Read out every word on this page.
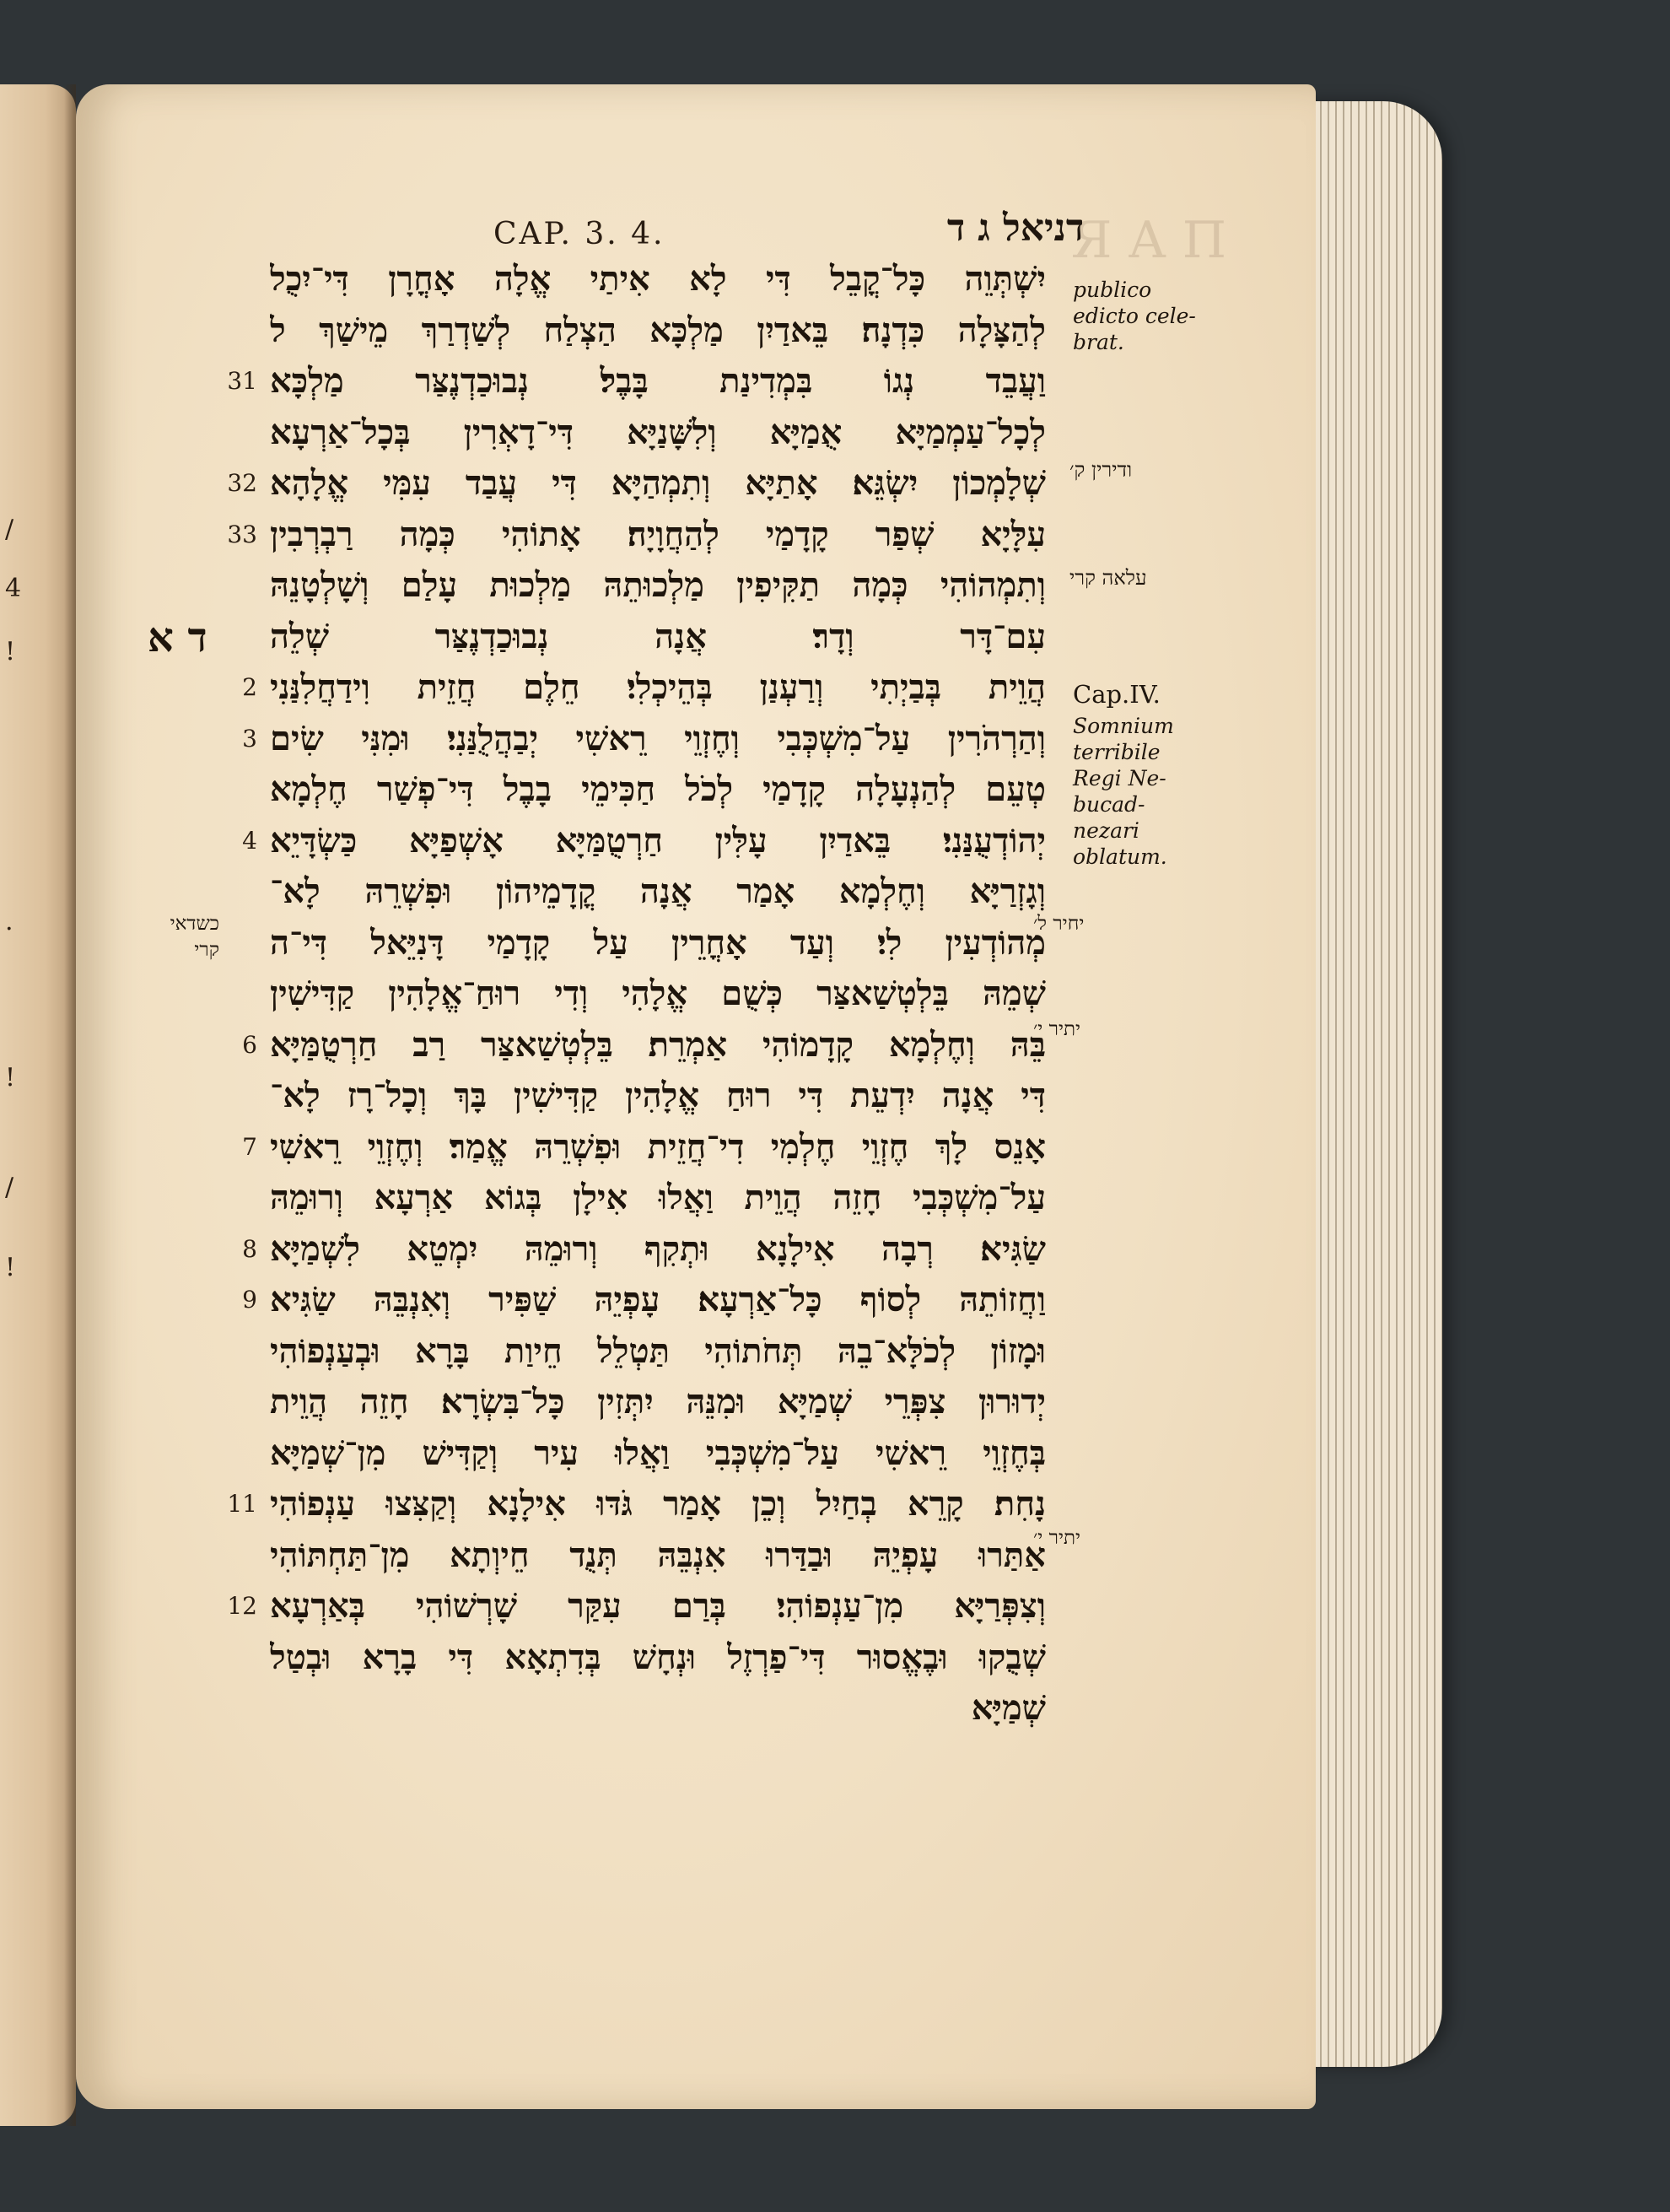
/
4
!
.
!
/
!
ЯΑΠ
CAP. 3. 4.	דניאל ג ד
יִשְׁתְּוֵה כָּל־קֳבֵל דִּי לָא אִיתַי אֱלָה אָחֳרָן דִּי־יִכֻל
לְהַצָּלָה כִּדְנָה׃ בֵּאדַיִן מַלְכָּא הַצְלַח לְשַׁדְרַךְ מֵישַׁךְ ל
31 וַעֲבֵד נְגוֹ בִּמְדִינַת בָּבֶל׃ נְבוּכַדְנֶצַּר מַלְכָּא
לְכָל־עַמְמַיָּא אֻמַיָּא וְלִשָּׁנַיָּא דִּי־דָאְרִין בְּכָל־אַרְעָא
32 שְׁלָמְכוֹן יִשְׂגֵּא׃ אָתַיָּא וְתִמְהַיָּא דִּי עֲבַד עִמִּי אֱלָהָא
33 עִלָּיָא שְׁפַר קָדָמַי לְהַחֲוָיָה׃ אָתוֹהִי כְּמָה רַבְרְבִין
וְתִמְהוֹהִי כְּמָה תַקִּיפִין מַלְכוּתֵהּ מַלְכוּת עָלַם וְשָׁלְטָנֵהּ
ד א עִם־דָּר וְדָר׃ אֲנָה נְבוּכַדְנֶצַּר שְׁלֵה
2 הֲוֵית בְּבַיְתִי וְרַעְנַן בְּהֵיכְלִי׃ חֵלֶם חֲזֵית וִידַחֲלִנַּנִי
3 וְהַרְהֹרִין עַל־מִשְׁכְּבִי וְחֶזְוֵי רֵאשִׁי יְבַהֲלֻנַּנִי׃ וּמִנִּי שִׂים
טְעֵם לְהַנְעָלָה קָדָמַי לְכֹל חַכִּימֵי בָבֶל דִּי־פְשַׁר חֶלְמָא
4 יְהוֹדְעֻנַּנִי׃ בֵּאדַיִן עָלִּין חַרְטֻמַּיָּא אָשְׁפַיָּא כַּשְׂדָּיֵא
וְגָזְרַיָּא וְחֶלְמָא אָמַר אֲנָה קֳדָמֵיהוֹן וּפִשְׁרֵהּ לָא־
מְהוֹדְעִין לִי׃ וְעַד אָחֳרֵין עַל קָדָמַי דָּנִיֵּאל דִּי־ה
שְׁמֵהּ בֵּלְטְשַׁאצַּר כְּשֻׁם אֱלָהִי וְדִי רוּחַ־אֱלָהִין קַדִּישִׁין
6 בֵּהּ וְחֶלְמָא קָדָמוֹהִי אַמְרֵת׃ בֵּלְטְשַׁאצַּר רַב חַרְטֻמַּיָּא
דִּי אֲנָה יִדְעֵת דִּי רוּחַ אֱלָהִין קַדִּישִׁין בָּךְ וְכָל־רָז לָא־
7 אָנֵס לָךְ חֶזְוֵי חֶלְמִי דִי־חֲזֵית וּפִשְׁרֵהּ אֱמַר׃ וְחֶזְוֵי רֵאשִׁי
עַל־מִשְׁכְּבִי חָזֵה הֲוֵית וַאֲלוּ אִילָן בְּגוֹא אַרְעָא וְרוּמֵהּ
8 שַׂגִּיא׃ רְבָה אִילָנָא וּתְקִף וְרוּמֵהּ יִמְטֵא לִשְׁמַיָּא
9 וַחֲזוֹתֵהּ לְסוֹף כָּל־אַרְעָא׃ עָפְיֵהּ שַׁפִּיר וְאִנְבֵּהּ שַׂגִּיא
וּמָזוֹן לְכֹלָּא־בֵהּ תְּחֹתוֹהִי תַּטְלֵל חֵיוַת בָּרָא וּבְעַנְפוֹהִי
יְדוּרוּן צִפְּרֵי שְׁמַיָּא וּמִנֵּהּ יִתְּזִין כָּל־בִּשְׂרָא׃ חָזֵה הֲוֵית
בְּחֶזְוֵי רֵאשִׁי עַל־מִשְׁכְּבִי וַאֲלוּ עִיר וְקַדִּישׁ מִן־שְׁמַיָּא
11 נָחִת׃ קָרֵא בְחַיִל וְכֵן אָמַר גֹּדּוּ אִילָנָא וְקַצִּצוּ עַנְפוֹהִי
אַתַּרוּ עָפְיֵהּ וּבַדַּרוּ אִנְבֵּהּ תְּנֻד חֵיוְתָא מִן־תַּחְתּוֹהִי
12 וְצִפְּרַיָּא מִן־עַנְפוֹהִי׃ בְּרַם עִקַּר שָׁרְשׁוֹהִי בְּאַרְעָא
שְׁבֻקוּ וּבֶאֱסוּר דִּי־פַרְזֶל וּנְחָשׁ בְּדִתְאָא דִּי בָרָא וּבְטַל
שְׁמַיָּא
publico
edicto cele-
brat.
ודירין ק׳
עלאה קרי
Cap.IV.
Somnium
terribile
Regi Ne-
bucad-
nezari
oblatum.
כשדאי קרי
יחיר ל׳
יתיר י׳
יתיר י׳
